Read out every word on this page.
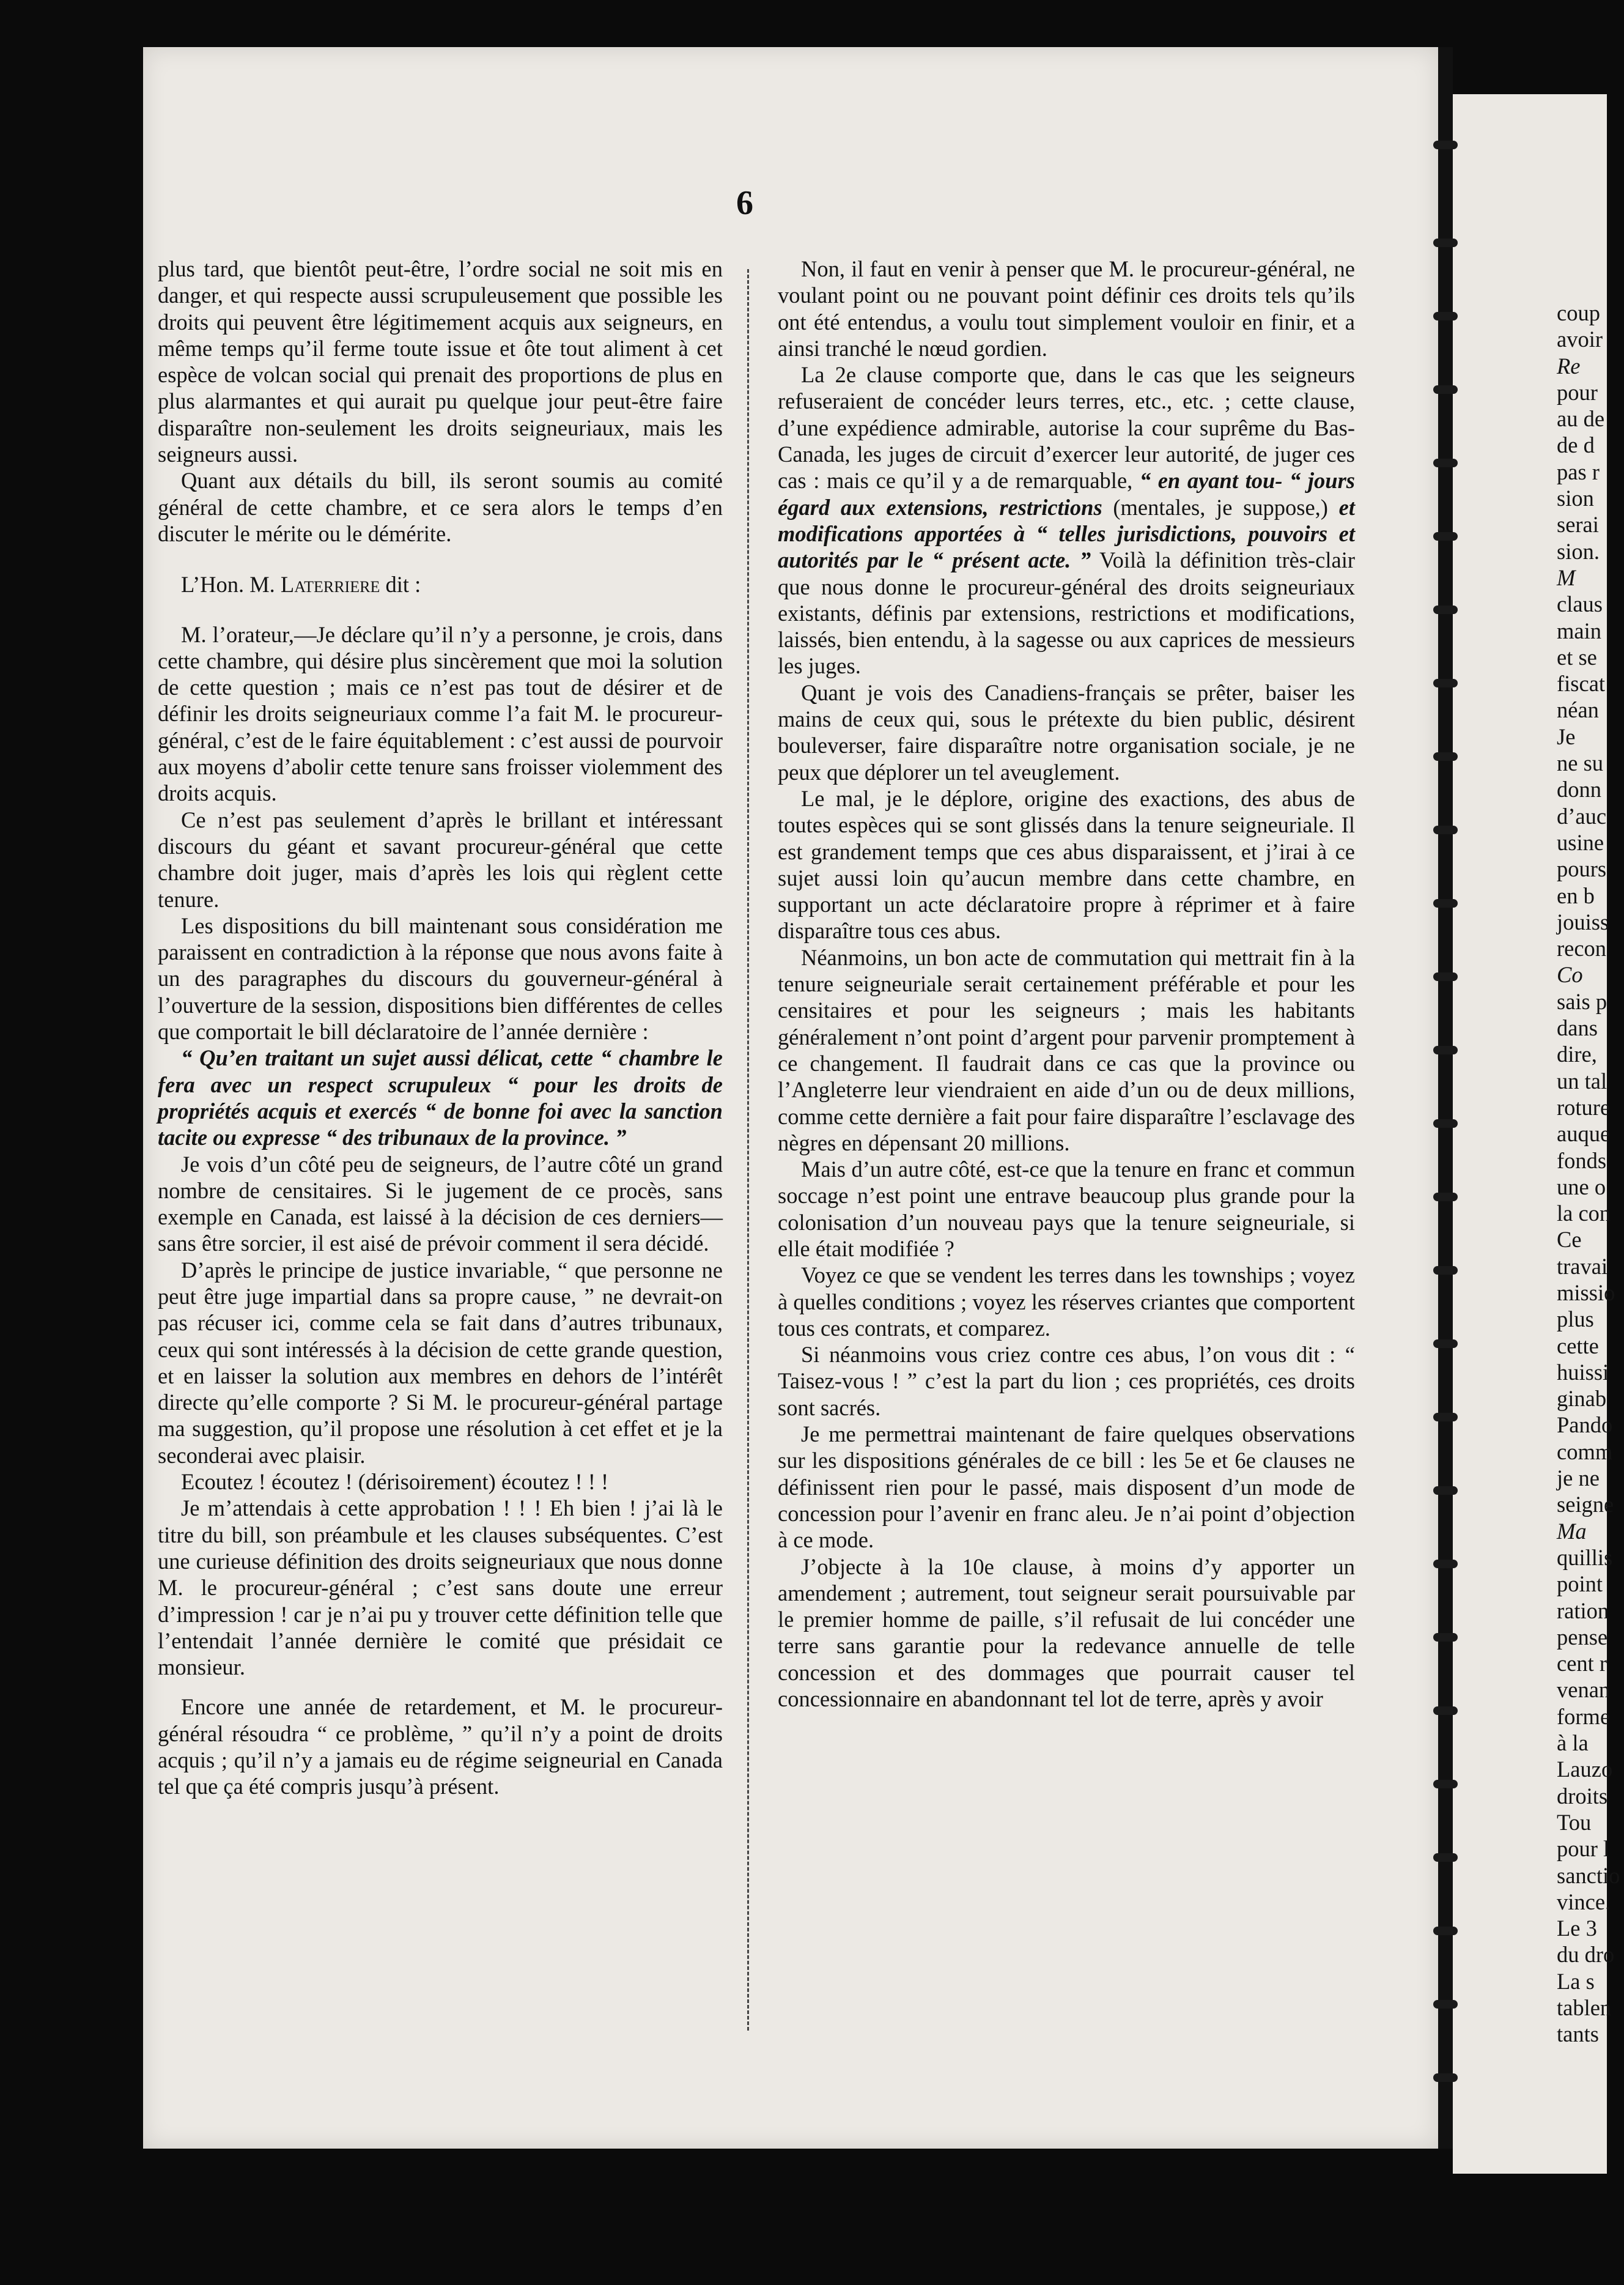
6

plus tard, que bientôt peut-être, l’ordre social ne soit mis en danger, et qui respecte aussi scrupuleusement que possible les droits qui peuvent être légitimement acquis aux seigneurs, en même temps qu’il ferme toute issue et ôte tout aliment à cet espèce de volcan social qui prenait des proportions de plus en plus alarmantes et qui aurait pu quelque jour peut-être faire disparaître non-seulement les droits seigneuriaux, mais les seigneurs aussi.

Quant aux détails du bill, ils seront soumis au comité général de cette chambre, et ce sera alors le temps d’en discuter le mérite ou le démérite.

L’Hon. M. Laterriere dit :

M. l’orateur,—Je déclare qu’il n’y a personne, je crois, dans cette chambre, qui désire plus sincèrement que moi la solution de cette question ; mais ce n’est pas tout de désirer et de définir les droits seigneuriaux comme l’a fait M. le procureur-général, c’est de le faire équitablement : c’est aussi de pourvoir aux moyens d’abolir cette tenure sans froisser violemment des droits acquis.

Ce n’est pas seulement d’après le brillant et intéressant discours du géant et savant procureur-général que cette chambre doit juger, mais d’après les lois qui règlent cette tenure.

Les dispositions du bill maintenant sous considération me paraissent en contradiction à la réponse que nous avons faite à un des paragraphes du discours du gouverneur-général à l’ouverture de la session, dispositions bien différentes de celles que comportait le bill déclaratoire de l’année dernière :

“ Qu’en traitant un sujet aussi délicat, cette “ chambre le fera avec un respect scrupuleux “ pour les droits de propriétés acquis et exercés “ de bonne foi avec la sanction tacite ou expresse “ des tribunaux de la province. ”

Je vois d’un côté peu de seigneurs, de l’autre côté un grand nombre de censitaires. Si le jugement de ce procès, sans exemple en Canada, est laissé à la décision de ces derniers—sans être sorcier, il est aisé de prévoir comment il sera décidé.

D’après le principe de justice invariable, “ que personne ne peut être juge impartial dans sa propre cause, ” ne devrait-on pas récuser ici, comme cela se fait dans d’autres tribunaux, ceux qui sont intéressés à la décision de cette grande question, et en laisser la solution aux membres en dehors de l’intérêt directe qu’elle comporte ? Si M. le procureur-général partage ma suggestion, qu’il propose une résolution à cet effet et je la seconderai avec plaisir.

Ecoutez ! écoutez ! (dérisoirement) écoutez ! ! !

Je m’attendais à cette approbation ! ! ! Eh bien ! j’ai là le titre du bill, son préambule et les clauses subséquentes. C’est une curieuse définition des droits seigneuriaux que nous donne M. le procureur-général ; c’est sans doute une erreur d’impression ! car je n’ai pu y trouver cette définition telle que l’entendait l’année dernière le comité que présidait ce monsieur.

Encore une année de retardement, et M. le procureur-général résoudra “ ce problème, ” qu’il n’y a point de droits acquis ; qu’il n’y a jamais eu de régime seigneurial en Canada tel que ça été compris jusqu’à présent.

Non, il faut en venir à penser que M. le procureur-général, ne voulant point ou ne pouvant point définir ces droits tels qu’ils ont été entendus, a voulu tout simplement vouloir en finir, et a ainsi tranché le nœud gordien.

La 2e clause comporte que, dans le cas que les seigneurs refuseraient de concéder leurs terres, etc., etc. ; cette clause, d’une expédience admirable, autorise la cour suprême du Bas-Canada, les juges de circuit d’exercer leur autorité, de juger ces cas : mais ce qu’il y a de remarquable, “ en ayant tou- “ jours égard aux extensions, restrictions (mentales, je suppose,) et modifications apportées à “ telles jurisdictions, pouvoirs et autorités par le “ présent acte. ” Voilà la définition très-clair que nous donne le procureur-général des droits seigneuriaux existants, définis par extensions, restrictions et modifications, laissés, bien entendu, à la sagesse ou aux caprices de messieurs les juges.

Quant je vois des Canadiens-français se prêter, baiser les mains de ceux qui, sous le prétexte du bien public, désirent bouleverser, faire disparaître notre organisation sociale, je ne peux que déplorer un tel aveuglement.

Le mal, je le déplore, origine des exactions, des abus de toutes espèces qui se sont glissés dans la tenure seigneuriale. Il est grandement temps que ces abus disparaissent, et j’irai à ce sujet aussi loin qu’aucun membre dans cette chambre, en supportant un acte déclaratoire propre à réprimer et à faire disparaître tous ces abus.

Néanmoins, un bon acte de commutation qui mettrait fin à la tenure seigneuriale serait certainement préférable et pour les censitaires et pour les seigneurs ; mais les habitants généralement n’ont point d’argent pour parvenir promptement à ce changement. Il faudrait dans ce cas que la province ou l’Angleterre leur viendraient en aide d’un ou de deux millions, comme cette dernière a fait pour faire disparaître l’esclavage des nègres en dépensant 20 millions.

Mais d’un autre côté, est-ce que la tenure en franc et commun soccage n’est point une entrave beaucoup plus grande pour la colonisation d’un nouveau pays que la tenure seigneuriale, si elle était modifiée ?

Voyez ce que se vendent les terres dans les townships ; voyez à quelles conditions ; voyez les réserves criantes que comportent tous ces contrats, et comparez.

Si néanmoins vous criez contre ces abus, l’on vous dit : “ Taisez-vous ! ” c’est la part du lion ; ces propriétés, ces droits sont sacrés.

Je me permettrai maintenant de faire quelques observations sur les dispositions générales de ce bill : les 5e et 6e clauses ne définissent rien pour le passé, mais disposent d’un mode de concession pour l’avenir en franc aleu. Je n’ai point d’objection à ce mode.

J’objecte à la 10e clause, à moins d’y apporter un amendement ; autrement, tout seigneur serait poursuivable par le premier homme de paille, s’il refusait de lui concéder une terre sans garantie pour la redevance annuelle de telle concession et des dommages que pourrait causer tel concessionnaire en abandonnant tel lot de terre, après y avoir

coup
avoir
Re
pour
au de
de d
pas r
sion
serai
sion.
M
claus
main
et se
fiscat
néan
Je
ne su
donn
d’auc
usine
pours
en b
jouiss
recon
Co
sais p
dans
dire,
un tal
roture
auque
fonds
une o
la con
Ce
travai
missio
plus
cette
huissi
ginab
Pando
comm
je ne
seigne
Ma
quillis
point
ration
pense
cent r
venan
forme
à la
Lauzo
droits
Tou
pour l
sanctio
vince.
Le 3
du dro
La s
tablen
tants
